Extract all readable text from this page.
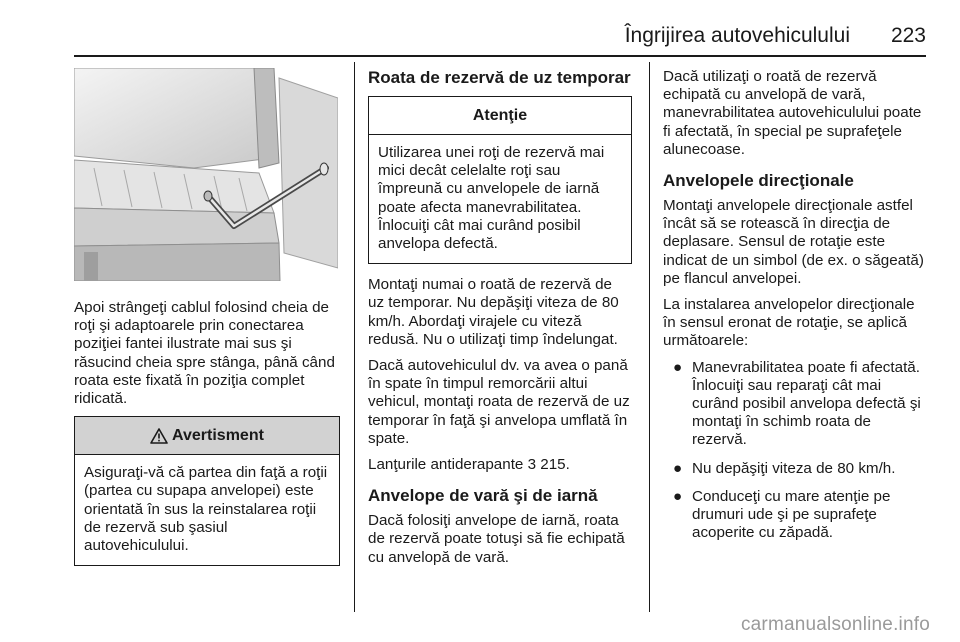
Îngrijirea autovehiculului 223

Apoi strângeţi cablul folosind cheia de roţi şi adaptoarele prin conectarea poziţiei fantei ilustrate mai sus şi răsucind cheia spre stânga, până când roata este fixată în poziţia complet ridicată.

Avertisment

Asiguraţi-vă că partea din faţă a roţii (partea cu supapa anvelopei) este orientată în sus la reinstalarea roţii de rezervă sub şasiul autovehiculului.

Roata de rezervă de uz temporar
Atenţie

Utilizarea unei roţi de rezervă mai mici decât celelalte roţi sau împreună cu anvelopele de iarnă poate afecta manevrabilitatea. Înlocuiţi cât mai curând posibil anvelopa defectă.

Montaţi numai o roată de rezervă de uz temporar. Nu depăşiţi viteza de 80 km/h. Abordaţi virajele cu viteză redusă. Nu o utilizaţi timp îndelungat.

Dacă autovehiculul dv. va avea o pană în spate în timpul remorcării altui vehicul, montaţi roata de rezervă de uz temporar în faţă şi anvelopa umflată în spate.

Lanţurile antiderapante 3 215.

Anvelope de vară şi de iarnă

Dacă folosiţi anvelope de iarnă, roata de rezervă poate totuşi să fie echipată cu anvelopă de vară.

Dacă utilizaţi o roată de rezervă echipată cu anvelopă de vară, manevrabilitatea autovehiculului poate fi afectată, în special pe suprafeţele alunecoase.

Anvelopele direcţionale

Montaţi anvelopele direcţionale astfel încât să se rotească în direcţia de deplasare. Sensul de rotaţie este indicat de un simbol (de ex. o săgeată) pe flancul anvelopei.

La instalarea anvelopelor direcţionale în sensul eronat de rotaţie, se aplică următoarele:

● Manevrabilitatea poate fi afectată. Înlocuiţi sau reparaţi cât mai curând posibil anvelopa defectă şi montaţi în schimb roata de rezervă.
● Nu depăşiţi viteza de 80 km/h.
● Conduceţi cu mare atenţie pe drumuri ude şi pe suprafeţe acoperite cu zăpadă.
carmanualsonline.info
